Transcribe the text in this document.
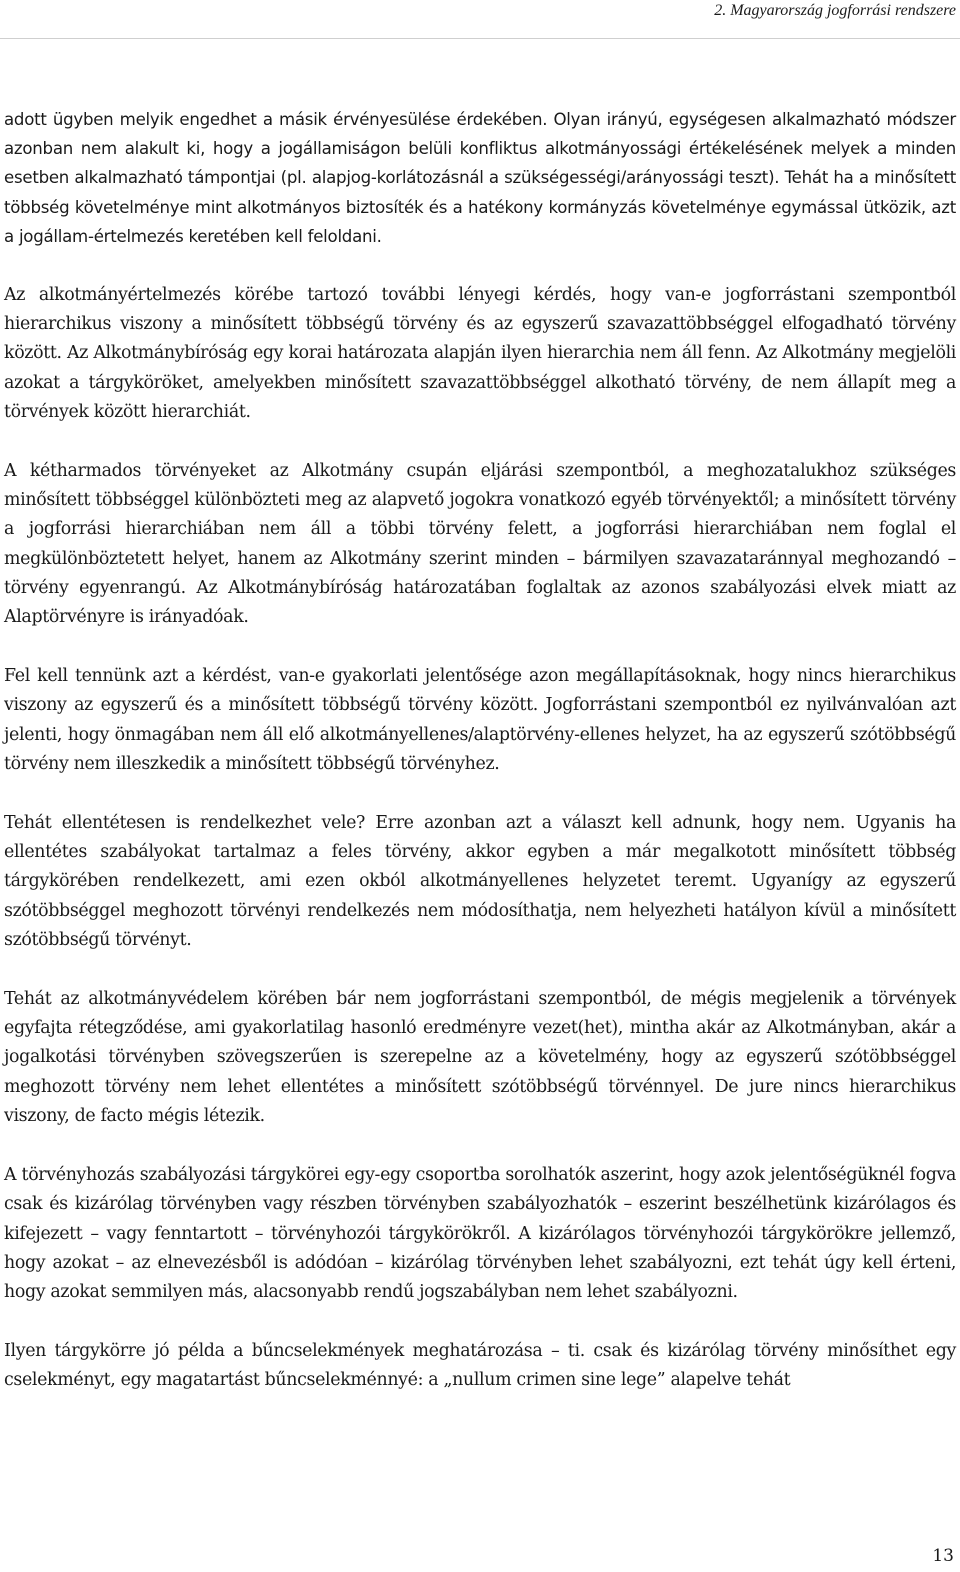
2. Magyarország jogforrási rendszere

adott ügyben melyik engedhet a másik érvényesülése érdekében. Olyan irányú, egységesen alkalmazható módszer azonban nem alakult ki, hogy a jogállamiságon belüli konfliktus alkotmányossági értékelésének melyek a minden esetben alkalmazható támpontjai (pl. alapjog-korlátozásnál a szükségességi/arányossági teszt). Tehát ha a minősített többség követelménye mint alkotmányos biztosíték és a hatékony kormányzás követelménye egymással ütközik, azt a jogállam-értelmezés keretében kell feloldani.

Az alkotmányértelmezés körébe tartozó további lényegi kérdés, hogy van-e jogforrástani szempontból hierarchikus viszony a minősített többségű törvény és az egyszerű szavazattöbbséggel elfogadható törvény között. Az Alkotmánybíróság egy korai határozata alapján ilyen hierarchia nem áll fenn. Az Alkotmány megjelöli azokat a tárgyköröket, amelyekben minősített szavazattöbbséggel alkotható törvény, de nem állapít meg a törvények között hierarchiát.

A kétharmados törvényeket az Alkotmány csupán eljárási szempontból, a meghozatalukhoz szükséges minősített többséggel különbözteti meg az alapvető jogokra vonatkozó egyéb törvényektől; a minősített törvény a jogforrási hierarchiában nem áll a többi törvény felett, a jogforrási hierarchiában nem foglal el megkülönböztetett helyet, hanem az Alkotmány szerint minden – bármilyen szavazataránnyal meghozandó – törvény egyenrangú. Az Alkotmánybíróság határozatában foglaltak az azonos szabályozási elvek miatt az Alaptörvényre is irányadóak.

Fel kell tennünk azt a kérdést, van-e gyakorlati jelentősége azon megállapításoknak, hogy nincs hierarchikus viszony az egyszerű és a minősített többségű törvény között. Jogforrástani szempontból ez nyilvánvalóan azt jelenti, hogy önmagában nem áll elő alkotmányellenes/alaptörvény-ellenes helyzet, ha az egyszerű szótöbbségű törvény nem illeszkedik a minősített többségű törvényhez.

Tehát ellentétesen is rendelkezhet vele? Erre azonban azt a választ kell adnunk, hogy nem. Ugyanis ha ellentétes szabályokat tartalmaz a feles törvény, akkor egyben a már megalkotott minősített többség tárgykörében rendelkezett, ami ezen okból alkotmányellenes helyzetet teremt. Ugyanígy az egyszerű szótöbbséggel meghozott törvényi rendelkezés nem módosíthatja, nem helyezheti hatályon kívül a minősített szótöbbségű törvényt.

Tehát az alkotmányvédelem körében bár nem jogforrástani szempontból, de mégis megjelenik a törvények egyfajta rétegződése, ami gyakorlatilag hasonló eredményre vezet(het), mintha akár az Alkotmányban, akár a jogalkotási törvényben szövegszerűen is szerepelne az a követelmény, hogy az egyszerű szótöbbséggel meghozott törvény nem lehet ellentétes a minősített szótöbbségű törvénnyel. De jure nincs hierarchikus viszony, de facto mégis létezik.

A törvényhozás szabályozási tárgykörei egy-egy csoportba sorolhatók aszerint, hogy azok jelentőségüknél fogva csak és kizárólag törvényben vagy részben törvényben szabályozhatók – eszerint beszélhetünk kizárólagos és kifejezett – vagy fenntartott – törvényhozói tárgykörökről. A kizárólagos törvényhozói tárgykörökre jellemző, hogy azokat – az elnevezésből is adódóan – kizárólag törvényben lehet szabályozni, ezt tehát úgy kell érteni, hogy azokat semmilyen más, alacsonyabb rendű jogszabályban nem lehet szabályozni.

Ilyen tárgykörre jó példa a bűncselekmények meghatározása – ti. csak és kizárólag törvény minősíthet egy cselekményt, egy magatartást bűncselekménnyé: a „nullum crimen sine lege” alapelve tehát

13
